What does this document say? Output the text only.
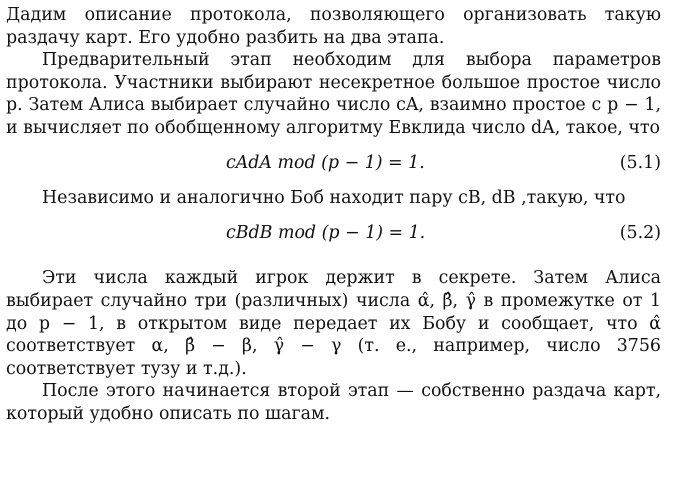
Дадим описание протокола, позволяющего организовать такую раздачу карт. Его удобно разбить на два этапа.

Предварительный этап необходим для выбора параметров протокола. Участники выбирают несекретное большое простое число p. Затем Алиса выбирает случайно число cA, взаимно простое с p − 1, и вычисляет по обобщенному алгоритму Евклида число dA, такое, что

cAdA mod (p − 1) = 1.	(5.1)

Независимо и аналогично Боб находит пару cB, dB ,такую, что

cBdB mod (p − 1) = 1.	(5.2)

Эти числа каждый игрок держит в секрете. Затем Алиса выбирает случайно три (различных) числа α̂, β̂, γ̂ в промежутке от 1 до p − 1, в открытом виде передает их Бобу и сообщает, что α̂ соответствует α, β̂ − β, γ̂ − γ (т. е., например, число 3756 соответствует тузу и т.д.).

После этого начинается второй этап — собственно раздача карт, который удобно описать по шагам.
